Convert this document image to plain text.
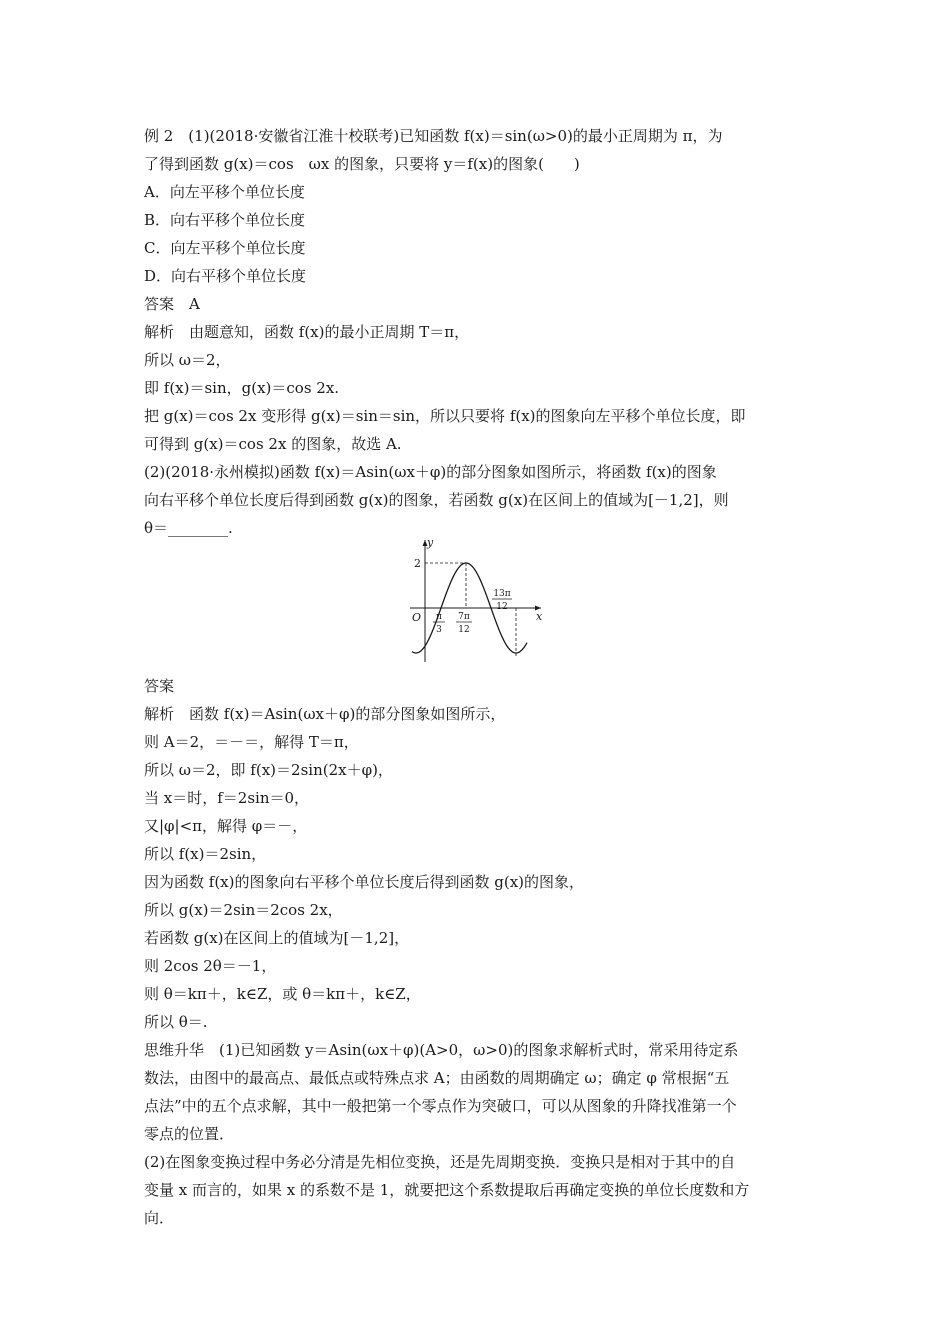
例 2　(1)(2018·安徽省江淮十校联考)已知函数 f(x)＝sin(ω>0)的最小正周期为 π，为
了得到函数 g(x)＝cos　ωx 的图象，只要将 y＝f(x)的图象(　　)
A．向左平移个单位长度
B．向右平移个单位长度
C．向左平移个单位长度
D．向右平移个单位长度
答案　A
解析　由题意知，函数 f(x)的最小正周期 T＝π，
所以 ω＝2，
即 f(x)＝sin，g(x)＝cos 2x.
把 g(x)＝cos 2x 变形得 g(x)＝sin＝sin，所以只要将 f(x)的图象向左平移个单位长度，即
可得到 g(x)＝cos 2x 的图象，故选 A.
(2)(2018·永州模拟)函数 f(x)＝Asin(ωx＋φ)的部分图象如图所示，将函数 f(x)的图象
向右平移个单位长度后得到函数 g(x)的图象，若函数 g(x)在区间上的值域为[－1,2]，则
θ＝________.
答案
解析　函数 f(x)＝Asin(ωx＋φ)的部分图象如图所示，
则 A＝2，＝－＝，解得 T＝π，
所以 ω＝2，即 f(x)＝2sin(2x＋φ)，
当 x＝时，f＝2sin＝0，
又|φ|<π，解得 φ＝－，
所以 f(x)＝2sin，
因为函数 f(x)的图象向右平移个单位长度后得到函数 g(x)的图象，
所以 g(x)＝2sin＝2cos 2x，
若函数 g(x)在区间上的值域为[－1,2]，
则 2cos 2θ＝－1，
则 θ＝kπ＋，k∈Z，或 θ＝kπ＋，k∈Z，
所以 θ＝.
思维升华　(1)已知函数 y＝Asin(ωx＋φ)(A>0，ω>0)的图象求解析式时，常采用待定系
数法，由图中的最高点、最低点或特殊点求 A；由函数的周期确定 ω；确定 φ 常根据“五
点法”中的五个点求解，其中一般把第一个零点作为突破口，可以从图象的升降找准第一个
零点的位置．
(2)在图象变换过程中务必分清是先相位变换，还是先周期变换．变换只是相对于其中的自
变量 x 而言的，如果 x 的系数不是 1，就要把这个系数提取后再确定变换的单位长度数和方
向．
y
x
O
2
π
3
7π
12
13π
12
